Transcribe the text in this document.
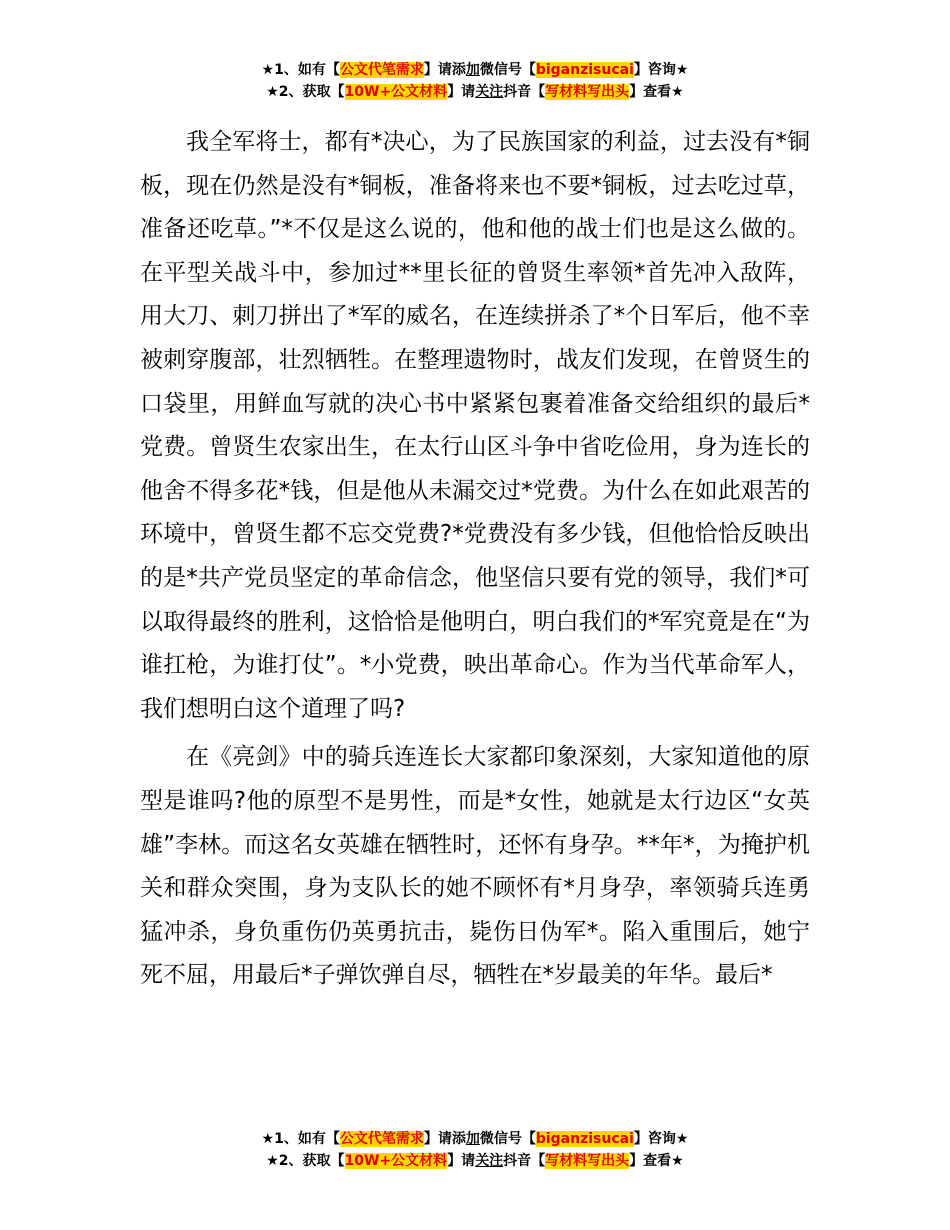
★1、如有【公文代笔需求】请添加微信号【biganzisucai】咨询★
★2、获取【10W+公文材料】请关注抖音【写材料写出头】查看★

我全军将士，都有*决心，为了民族国家的利益，过去没有*铜板，现在仍然是没有*铜板，准备将来也不要*铜板，过去吃过草，准备还吃草。”*不仅是这么说的，他和他的战士们也是这么做的。在平型关战斗中，参加过**里长征的曾贤生率领*首先冲入敌阵，用大刀、刺刀拼出了*军的威名，在连续拼杀了*个日军后，他不幸被刺穿腹部，壮烈牺牲。在整理遗物时，战友们发现，在曾贤生的口袋里，用鲜血写就的决心书中紧紧包裹着准备交给组织的最后*党费。曾贤生农家出生，在太行山区斗争中省吃俭用，身为连长的他舍不得多花*钱，但是他从未漏交过*党费。为什么在如此艰苦的环境中，曾贤生都不忘交党费?*党费没有多少钱，但他恰恰反映出的是*共产党员坚定的革命信念，他坚信只要有党的领导，我们*可以取得最终的胜利，这恰恰是他明白，明白我们的*军究竟是在“为谁扛枪，为谁打仗”。*小党费，映出革命心。作为当代革命军人，我们想明白这个道理了吗?

在《亮剑》中的骑兵连连长大家都印象深刻，大家知道他的原型是谁吗?他的原型不是男性，而是*女性，她就是太行边区“女英雄”李林。而这名女英雄在牺牲时，还怀有身孕。**年*，为掩护机关和群众突围，身为支队长的她不顾怀有*月身孕，率领骑兵连勇猛冲杀，身负重伤仍英勇抗击，毙伤日伪军*。陷入重围后，她宁死不屈，用最后*子弹饮弹自尽，牺牲在*岁最美的年华。最后*

★1、如有【公文代笔需求】请添加微信号【biganzisucai】咨询★
★2、获取【10W+公文材料】请关注抖音【写材料写出头】查看★
